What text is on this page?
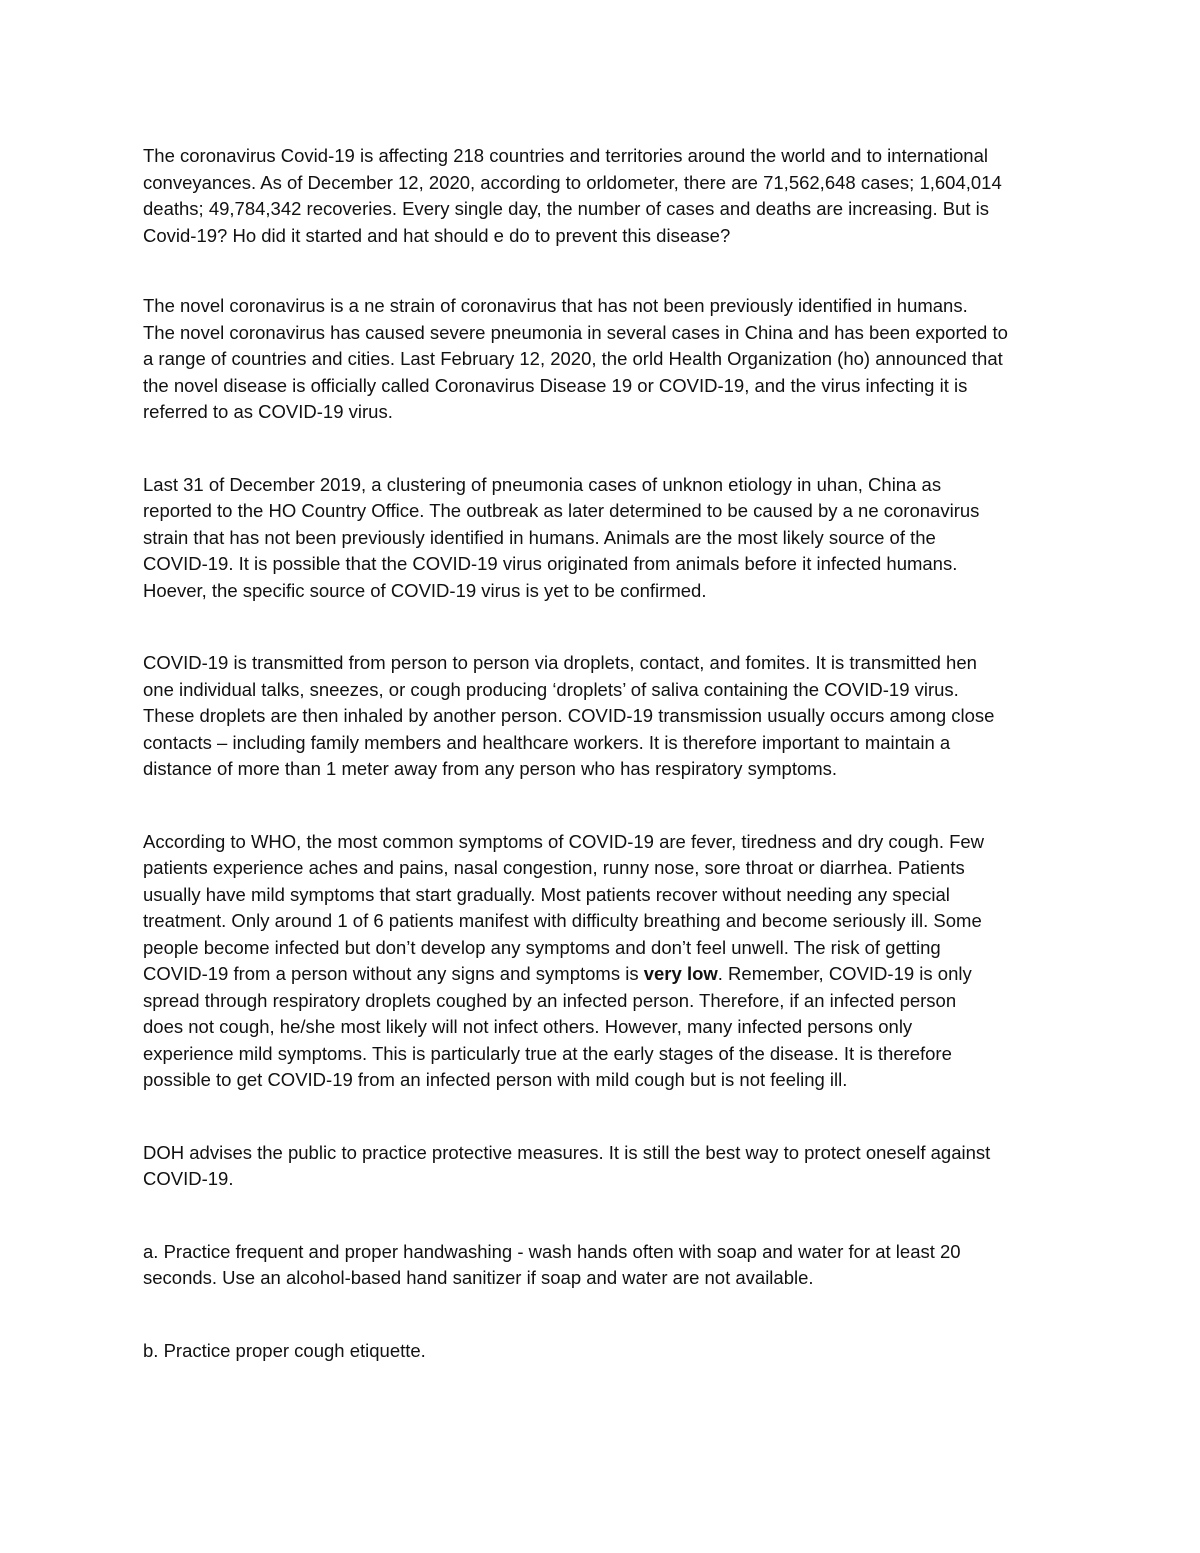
The coronavirus Covid-19 is affecting 218 countries and territories around the world and to international
conveyances. As of December 12, 2020, according to orldometer, there are 71,562,648 cases; 1,604,014
deaths; 49,784,342 recoveries. Every single day, the number of cases and deaths are increasing. But is
Covid-19? Ho did it started and hat should e do to prevent this disease?

The novel coronavirus is a ne strain of coronavirus that has not been previously identified in humans.
The novel coronavirus has caused severe pneumonia in several cases in China and has been exported to
a range of countries and cities. Last February 12, 2020, the orld Health Organization (ho) announced that
the novel disease is officially called Coronavirus Disease 19 or COVID-19, and the virus infecting it is
referred to as COVID-19 virus.

Last 31 of December 2019, a clustering of pneumonia cases of unknon etiology in uhan, China as
reported to the HO Country Office. The outbreak as later determined to be caused by a ne coronavirus
strain that has not been previously identified in humans. Animals are the most likely source of the
COVID-19. It is possible that the COVID-19 virus originated from animals before it infected humans.
Hoever, the specific source of COVID-19 virus is yet to be confirmed.

COVID-19 is transmitted from person to person via droplets, contact, and fomites. It is transmitted hen
one individual talks, sneezes, or cough producing ‘droplets’ of saliva containing the COVID-19 virus.
These droplets are then inhaled by another person. COVID-19 transmission usually occurs among close
contacts – including family members and healthcare workers. It is therefore important to maintain a
distance of more than 1 meter away from any person who has respiratory symptoms.

According to WHO, the most common symptoms of COVID-19 are fever, tiredness and dry cough. Few
patients experience aches and pains, nasal congestion, runny nose, sore throat or diarrhea. Patients
usually have mild symptoms that start gradually. Most patients recover without needing any special
treatment. Only around 1 of 6 patients manifest with difficulty breathing and become seriously ill. Some
people become infected but don’t develop any symptoms and don’t feel unwell. The risk of getting
COVID-19 from a person without any signs and symptoms is very low. Remember, COVID-19 is only
spread through respiratory droplets coughed by an infected person. Therefore, if an infected person
does not cough, he/she most likely will not infect others. However, many infected persons only
experience mild symptoms. This is particularly true at the early stages of the disease. It is therefore
possible to get COVID-19 from an infected person with mild cough but is not feeling ill.

DOH advises the public to practice protective measures. It is still the best way to protect oneself against
COVID-19.

a. Practice frequent and proper handwashing - wash hands often with soap and water for at least 20
seconds. Use an alcohol-based hand sanitizer if soap and water are not available.

b. Practice proper cough etiquette.
